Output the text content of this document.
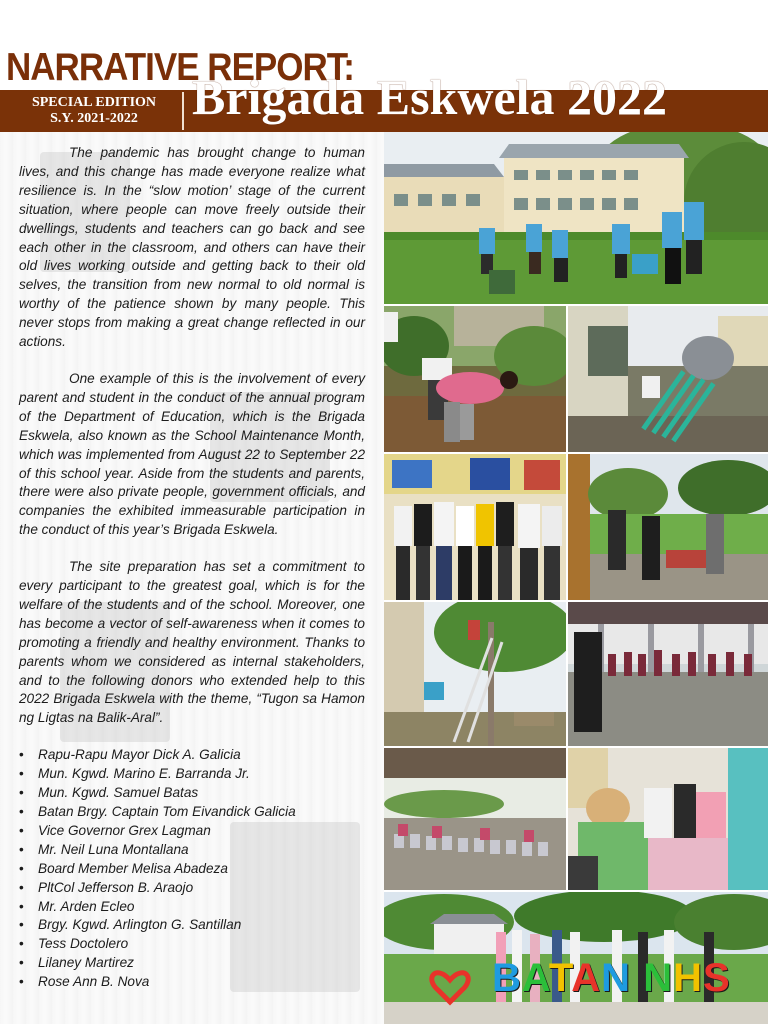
NARRATIVE REPORT:
Brigada Eskwela 2022
SPECIAL EDITION
S.Y. 2021-2022

The pandemic has brought change to human lives, and this change has made everyone realize what resilience is. In the “slow motion’ stage of the current situation, where people can move freely outside their dwellings, students and teachers can go back and see each other in the classroom, and others can have their old lives working outside and getting back to their old selves, the transition from new normal to old normal is worthy of the patience shown by many people. This never stops from making a great change reflected in our actions.

One example of this is the involvement of every parent and student in the conduct of the annual program of the Department of Education, which is the Brigada Eskwela, also known as the School Maintenance Month, which was implemented from August 22 to September 22 of this school year. Aside from the students and parents, there were also private people, government officials, and companies the exhibited immeasurable participation in the conduct of this year’s Brigada Eskwela.

The site preparation has set a commitment to every participant to the greatest goal, which is for the welfare of the students and of the school. Moreover, one has become a vector of self-awareness when it comes to promoting a friendly and healthy environment. Thanks to parents whom we considered as internal stakeholders, and to the following donors who extended help to this 2022 Brigada Eskwela with the theme, “Tugon sa Hamon ng Ligtas na Balik-Aral”.

• Rapu-Rapu Mayor Dick A. Galicia
• Mun. Kgwd. Marino E. Barranda Jr.
• Mun. Kgwd. Samuel Batas
• Batan Brgy. Captain Tom Eivandick Galicia
• Vice Governor Grex Lagman
• Mr. Neil Luna Montallana
• Board Member Melisa Abadeza
• PltCol Jefferson B. Araojo
• Mr. Arden Ecleo
• Brgy. Kgwd. Arlington G. Santillan
• Tess Doctolero
• Lilaney Martirez
• Rose Ann B. Nova	BATAN NHS
